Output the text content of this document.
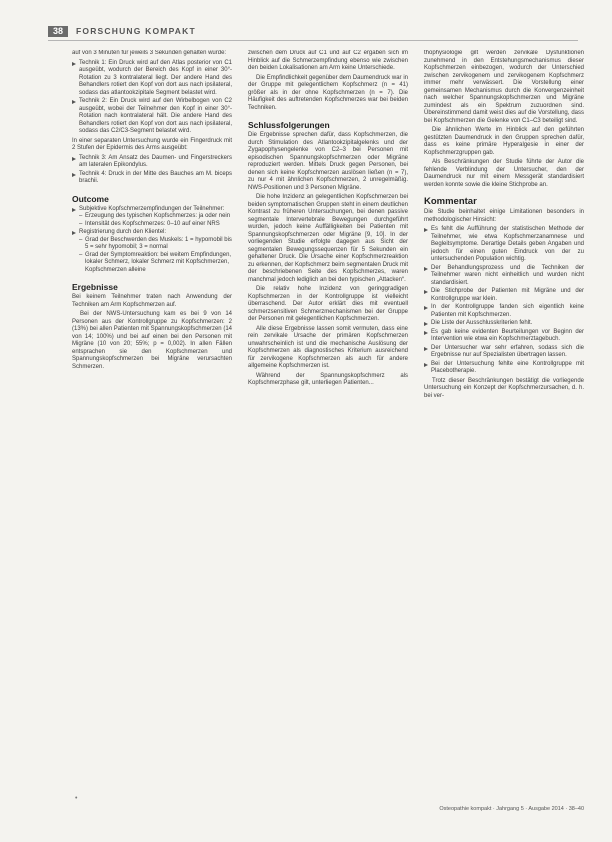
38	FORSCHUNG KOMPAKT

auf von 3 Minuten für jeweils 3 Sekunden gehalten wurde:

Technik 1: Ein Druck wird auf den Atlas posterior von C1 ausgeübt, wodurch der Bereich des Kopf in einer 30°-Rotation zu 3 kontralateral liegt. Der andere Hand des Behandlers rotiert den Kopf von dort aus nach ipsilateral, sodass das atlantookzipitale Segment belastet wird.
Technik 2: Ein Druck wird auf den Wirbelbogen von C2 ausgeübt, wobei der Teilnehmer den Kopf in einer 30°-Rotation nach kontralateral hält. Die andere Hand des Behandlers rotiert den Kopf von dort aus nach ipsilateral, sodass das C2/C3-Segment belastet wird.

In einer separaten Untersuchung wurde ein Fingerdruck mit 2 Stufen der Epidermis des Arms ausgeübt:

Technik 3: Am Ansatz des Daumen- und Fingerstreckers am lateralen Epikondylus.
Technik 4: Druck in der Mitte des Bauches am M. biceps brachii.
Outcome
Subjektive Kopfschmerzempfindungen der Teilnehmer:
– Erzeugung des typischen Kopfschmerzes: ja oder nein
– Intensität des Kopfschmerzes: 0–10 auf einer NRS
Registrierung durch den Klientel:
– Grad der Beschwerden des Muskels: 1 = hypomobil bis 5 = sehr hypomobil; 3 = normal
– Grad der Symptomreaktion: bei weitem Empfindungen, lokaler Schmerz, lokaler Schmerz mit Kopfschmerzen, Kopfschmerzen alleine
Ergebnisse

Bei keinem Teilnehmer traten nach Anwendung der Techniken am Arm Kopfschmerzen auf.

Bei der NWS-Untersuchung kam es bei 9 von 14 Personen aus der Kontrollgruppe zu Kopfschmerzen: 2 (13%) bei allen Patienten mit Spannungskopfschmerzen (14 von 14; 100%) und bei auf einen bei den Personen mit Migräne (10 von 20; 55%; p = 0,002). In allen Fällen entsprachen sie den Kopfschmerzen und Spannungskopfschmerzen bei Migräne verursachten Schmerzen.

zwischen dem Druck auf C1 und auf C2 ergaben sich im Hinblick auf die Schmerzempfindung ebenso wie zwischen den beiden Lokalisationen am Arm keine Unterschiede.

Die Empfindlichkeit gegenüber dem Daumendruck war in der Gruppe mit gelegentlichem Kopfschmerz (n = 41) größer als in der ohne Kopfschmerzen (n = 7). Die Häufigkeit des auftretenden Kopfschmerzes war bei beiden Techniken.

Schlussfolgerungen

Die Ergebnisse sprechen dafür, dass Kopfschmerzen, die durch Stimulation des Atlantookzipitalgelenks und der Zygapophysengelenke von C2–3 bei Personen mit episodischen Spannungskopfschmerzen oder Migräne reproduziert werden. Mittels Druck gegen Personen, bei denen sich keine Kopfschmerzen auslösen ließen (n = 7), zu nur 4 mit ähnlichen Kopfschmerzen, 2 unregelmäßig. NWS-Positionen und 3 Personen Migräne.

Die hohe Inzidenz an gelegentlichen Kopfschmerzen bei beiden symptomatischen Gruppen steht in einem deutlichen Kontrast zu früheren Untersuchungen, bei denen passive segmentale Intervertebrale Bewegungen durchgeführt wurden, jedoch keine Auffälligkeiten bei Patienten mit Spannungskopfschmerzen oder Migräne [9, 10]. In der vorliegenden Studie erfolgte dagegen aus Sicht der segmentalen Bewegungssequenzen für 5 Sekunden ein gehaltener Druck. Die Ursache einer Kopfschmerzreaktion zu erkennen, der Kopfschmerz beim segmentalen Druck mit der beschriebenen Seite des Kopfschmerzes, waren manchmal jedoch lediglich an bei den typischen „Attacken“.

Die relativ hohe Inzidenz von geringgradigen Kopfschmerzen in der Kontrollgruppe ist vielleicht überraschend. Der Autor erklärt dies mit eventuell schmerzsensitiven Schmerzmechanismen bei der Gruppe der Personen mit gelegentlichen Kopfschmerzen.

Alle diese Ergebnisse lassen somit vermuten, dass eine rein zervikale Ursache der primären Kopfschmerzen unwahrscheinlich ist und die mechanische Auslösung der Kopfschmerzen als diagnostisches Kriterium ausreichend für zervikogene Kopfschmerzen als auch für andere allgemeine Kopfschmerzen ist.

Während der Spannungskopfschmerz als Kopfschmerzphase gilt, unterliegen Patienten...

thophysiologie gilt werden zervikale Dysfunktionen zunehmend in den Entstehungsmechanismus dieser Kopfschmerzen einbezogen, wodurch der Unterschied zwischen zervikogenem und zervikogenem Kopfschmerz immer mehr verwässert. Die Vorstellung einer gemeinsamen Mechanismus durch die Konvergenzeinheit nach welcher Spannungskopfschmerzen und Migräne zumindest als ein Spektrum zuzuordnen sind. Übereinstimmend damit weist dies auf die Vorstellung, dass bei Kopfschmerzen die Gelenke von C1–C3 beteiligt sind.

Die ähnlichen Werte im Hinblick auf den geführten gestützten Daumendruck in den Gruppen sprechen dafür, dass es keine primäre Hyperalgesie in einer der Kopfschmerzgruppen gab.

Als Beschränkungen der Studie führte der Autor die fehlende Verblindung der Untersucher, den der Daumendruck nur mit einem Messgerät standardisiert werden konnte sowie die kleine Stichprobe an.

Kommentar

Die Studie beinhaltet einige Limitationen besonders in methodologischer Hinsicht:

Es fehlt die Aufführung der statistischen Methode der Teilnehmer, wie etwa Kopfschmerzanamnese und Begleitsymptome. Derartige Details geben Angaben und jedoch für einen guten Eindruck von der zu untersuchenden Population wichtig.
Der Behandlungsprozess und die Techniken der Teilnehmer waren nicht einheitlich und wurden nicht standardisiert.
Die Stichprobe der Patienten mit Migräne und der Kontrollgruppe war klein.
In der Kontrollgruppe fanden sich eigentlich keine Patienten mit Kopfschmerzen.
Die Liste der Ausschlusskriterien fehlt.
Es gab keine evidenten Beurteilungen vor Beginn der Intervention wie etwa ein Kopfschmerztagebuch.
Der Untersucher war sehr erfahren, sodass sich die Ergebnisse nur auf Spezialisten übertragen lassen.
Bei der Untersuchung fehlte eine Kontrollgruppe mit Placebotherapie.

Trotz dieser Beschränkungen bestätigt die vorliegende Untersuchung ein Konzept der Kopfschmerzursachen, d. h. bei ver-

•
Osteopathie kompakt · Jahrgang 5 · Ausgabe 2014 · 38–40
